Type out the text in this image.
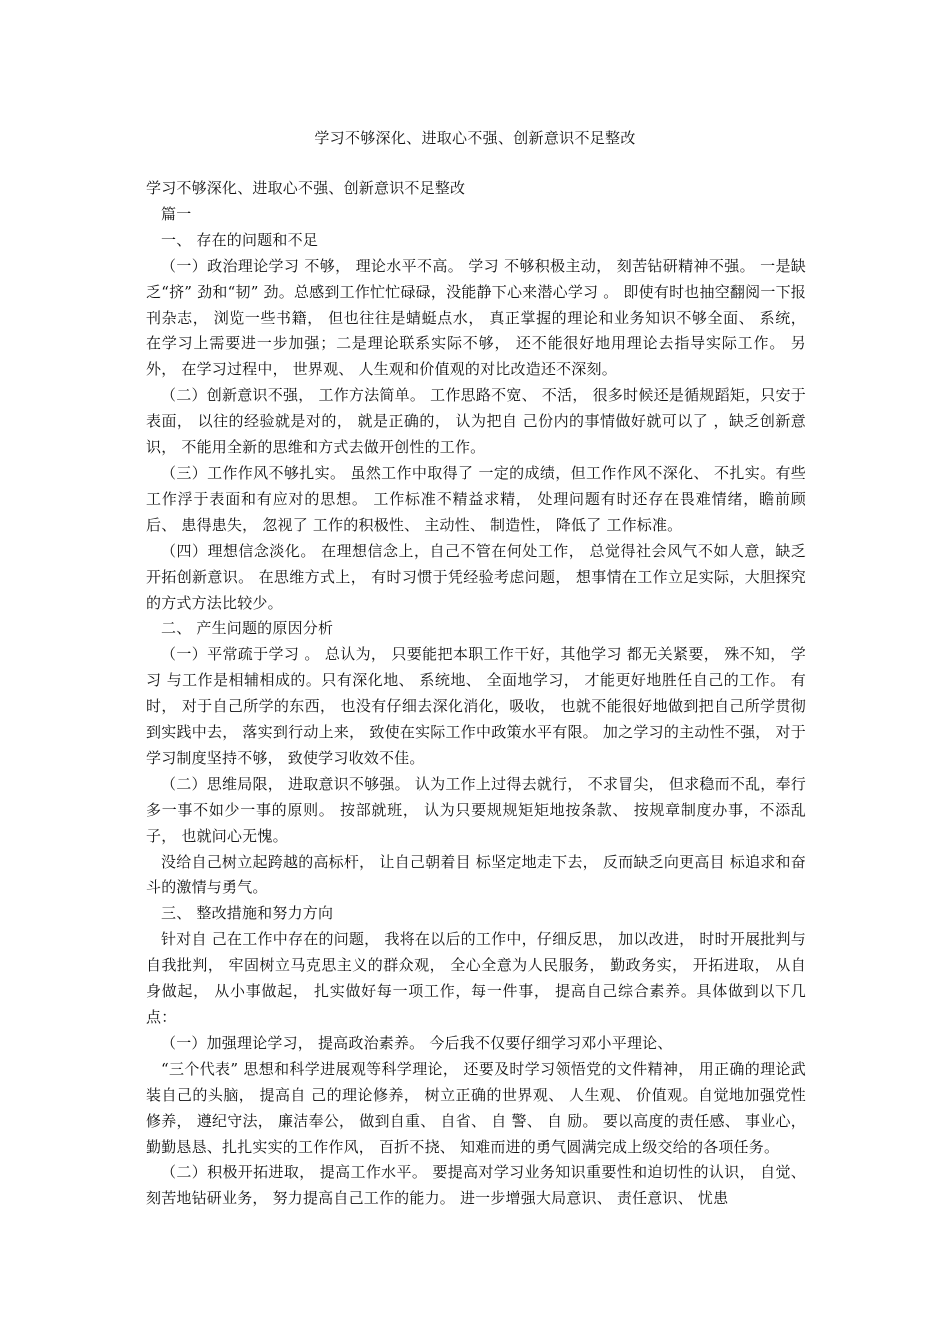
学习不够深化、进取心不强、创新意识不足整改

学习不够深化、进取心不强、创新意识不足整改

篇一

一、 存在的问题和不足

（一）政治理论学习 不够， 理论水平不高。 学习 不够积极主动， 刻苦钻研精神不强。 一是缺乏“挤” 劲和“韧” 劲。总感到工作忙忙碌碌，没能静下心来潜心学习 。 即使有时也抽空翻阅一下报刊杂志， 浏览一些书籍， 但也往往是蜻蜓点水， 真正掌握的理论和业务知识不够全面、 系统， 在学习上需要进一步加强；二是理论联系实际不够， 还不能很好地用理论去指导实际工作。 另外， 在学习过程中， 世界观、 人生观和价值观的对比改造还不深刻。

（二）创新意识不强， 工作方法简单。 工作思路不宽、 不活， 很多时候还是循规蹈矩，只安于表面， 以往的经验就是对的， 就是正确的， 认为把自 己份内的事情做好就可以了 ，缺乏创新意识， 不能用全新的思维和方式去做开创性的工作。

（三）工作作风不够扎实。 虽然工作中取得了 一定的成绩，但工作作风不深化、 不扎实。有些工作浮于表面和有应对的思想。 工作标准不精益求精， 处理问题有时还存在畏难情绪，瞻前顾后、 患得患失， 忽视了 工作的积极性、 主动性、 制造性， 降低了 工作标准。

（四）理想信念淡化。 在理想信念上，自己不管在何处工作， 总觉得社会风气不如人意，缺乏开拓创新意识。 在思维方式上， 有时习惯于凭经验考虑问题， 想事情在工作立足实际，大胆探究的方式方法比较少。

二、 产生问题的原因分析

（一）平常疏于学习 。 总认为， 只要能把本职工作干好，其他学习 都无关紧要， 殊不知， 学习 与工作是相辅相成的。只有深化地、 系统地、 全面地学习， 才能更好地胜任自己的工作。 有时， 对于自己所学的东西， 也没有仔细去深化消化，吸收， 也就不能很好地做到把自己所学贯彻到实践中去， 落实到行动上来， 致使在实际工作中政策水平有限。 加之学习的主动性不强， 对于学习制度坚持不够， 致使学习收效不佳。

（二）思维局限， 进取意识不够强。 认为工作上过得去就行， 不求冒尖， 但求稳而不乱，奉行多一事不如少一事的原则。 按部就班， 认为只要规规矩矩地按条款、 按规章制度办事，不添乱子， 也就问心无愧。

没给自己树立起跨越的高标杆， 让自己朝着目 标坚定地走下去， 反而缺乏向更高目 标追求和奋斗的激情与勇气。

三、 整改措施和努力方向

针对自 己在工作中存在的问题， 我将在以后的工作中，仔细反思， 加以改进， 时时开展批判与自我批判， 牢固树立马克思主义的群众观， 全心全意为人民服务， 勤政务实， 开拓进取， 从自 身做起， 从小事做起， 扎实做好每一项工作，每一件事， 提高自己综合素养。具体做到以下几点：

（一）加强理论学习， 提高政治素养。 今后我不仅要仔细学习邓小平理论、

“三个代表” 思想和科学进展观等科学理论， 还要及时学习领悟党的文件精神， 用正确的理论武装自己的头脑， 提高自 己的理论修养， 树立正确的世界观、 人生观、 价值观。自觉地加强党性修养， 遵纪守法， 廉洁奉公， 做到自重、 自省、 自 警、 自 励。 要以高度的责任感、 事业心， 勤勤恳恳、扎扎实实的工作作风， 百折不挠、 知难而进的勇气圆满完成上级交给的各项任务。

（二）积极开拓进取， 提高工作水平。 要提高对学习业务知识重要性和迫切性的认识， 自觉、 刻苦地钻研业务， 努力提高自己工作的能力。 进一步增强大局意识、 责任意识、 忧患
